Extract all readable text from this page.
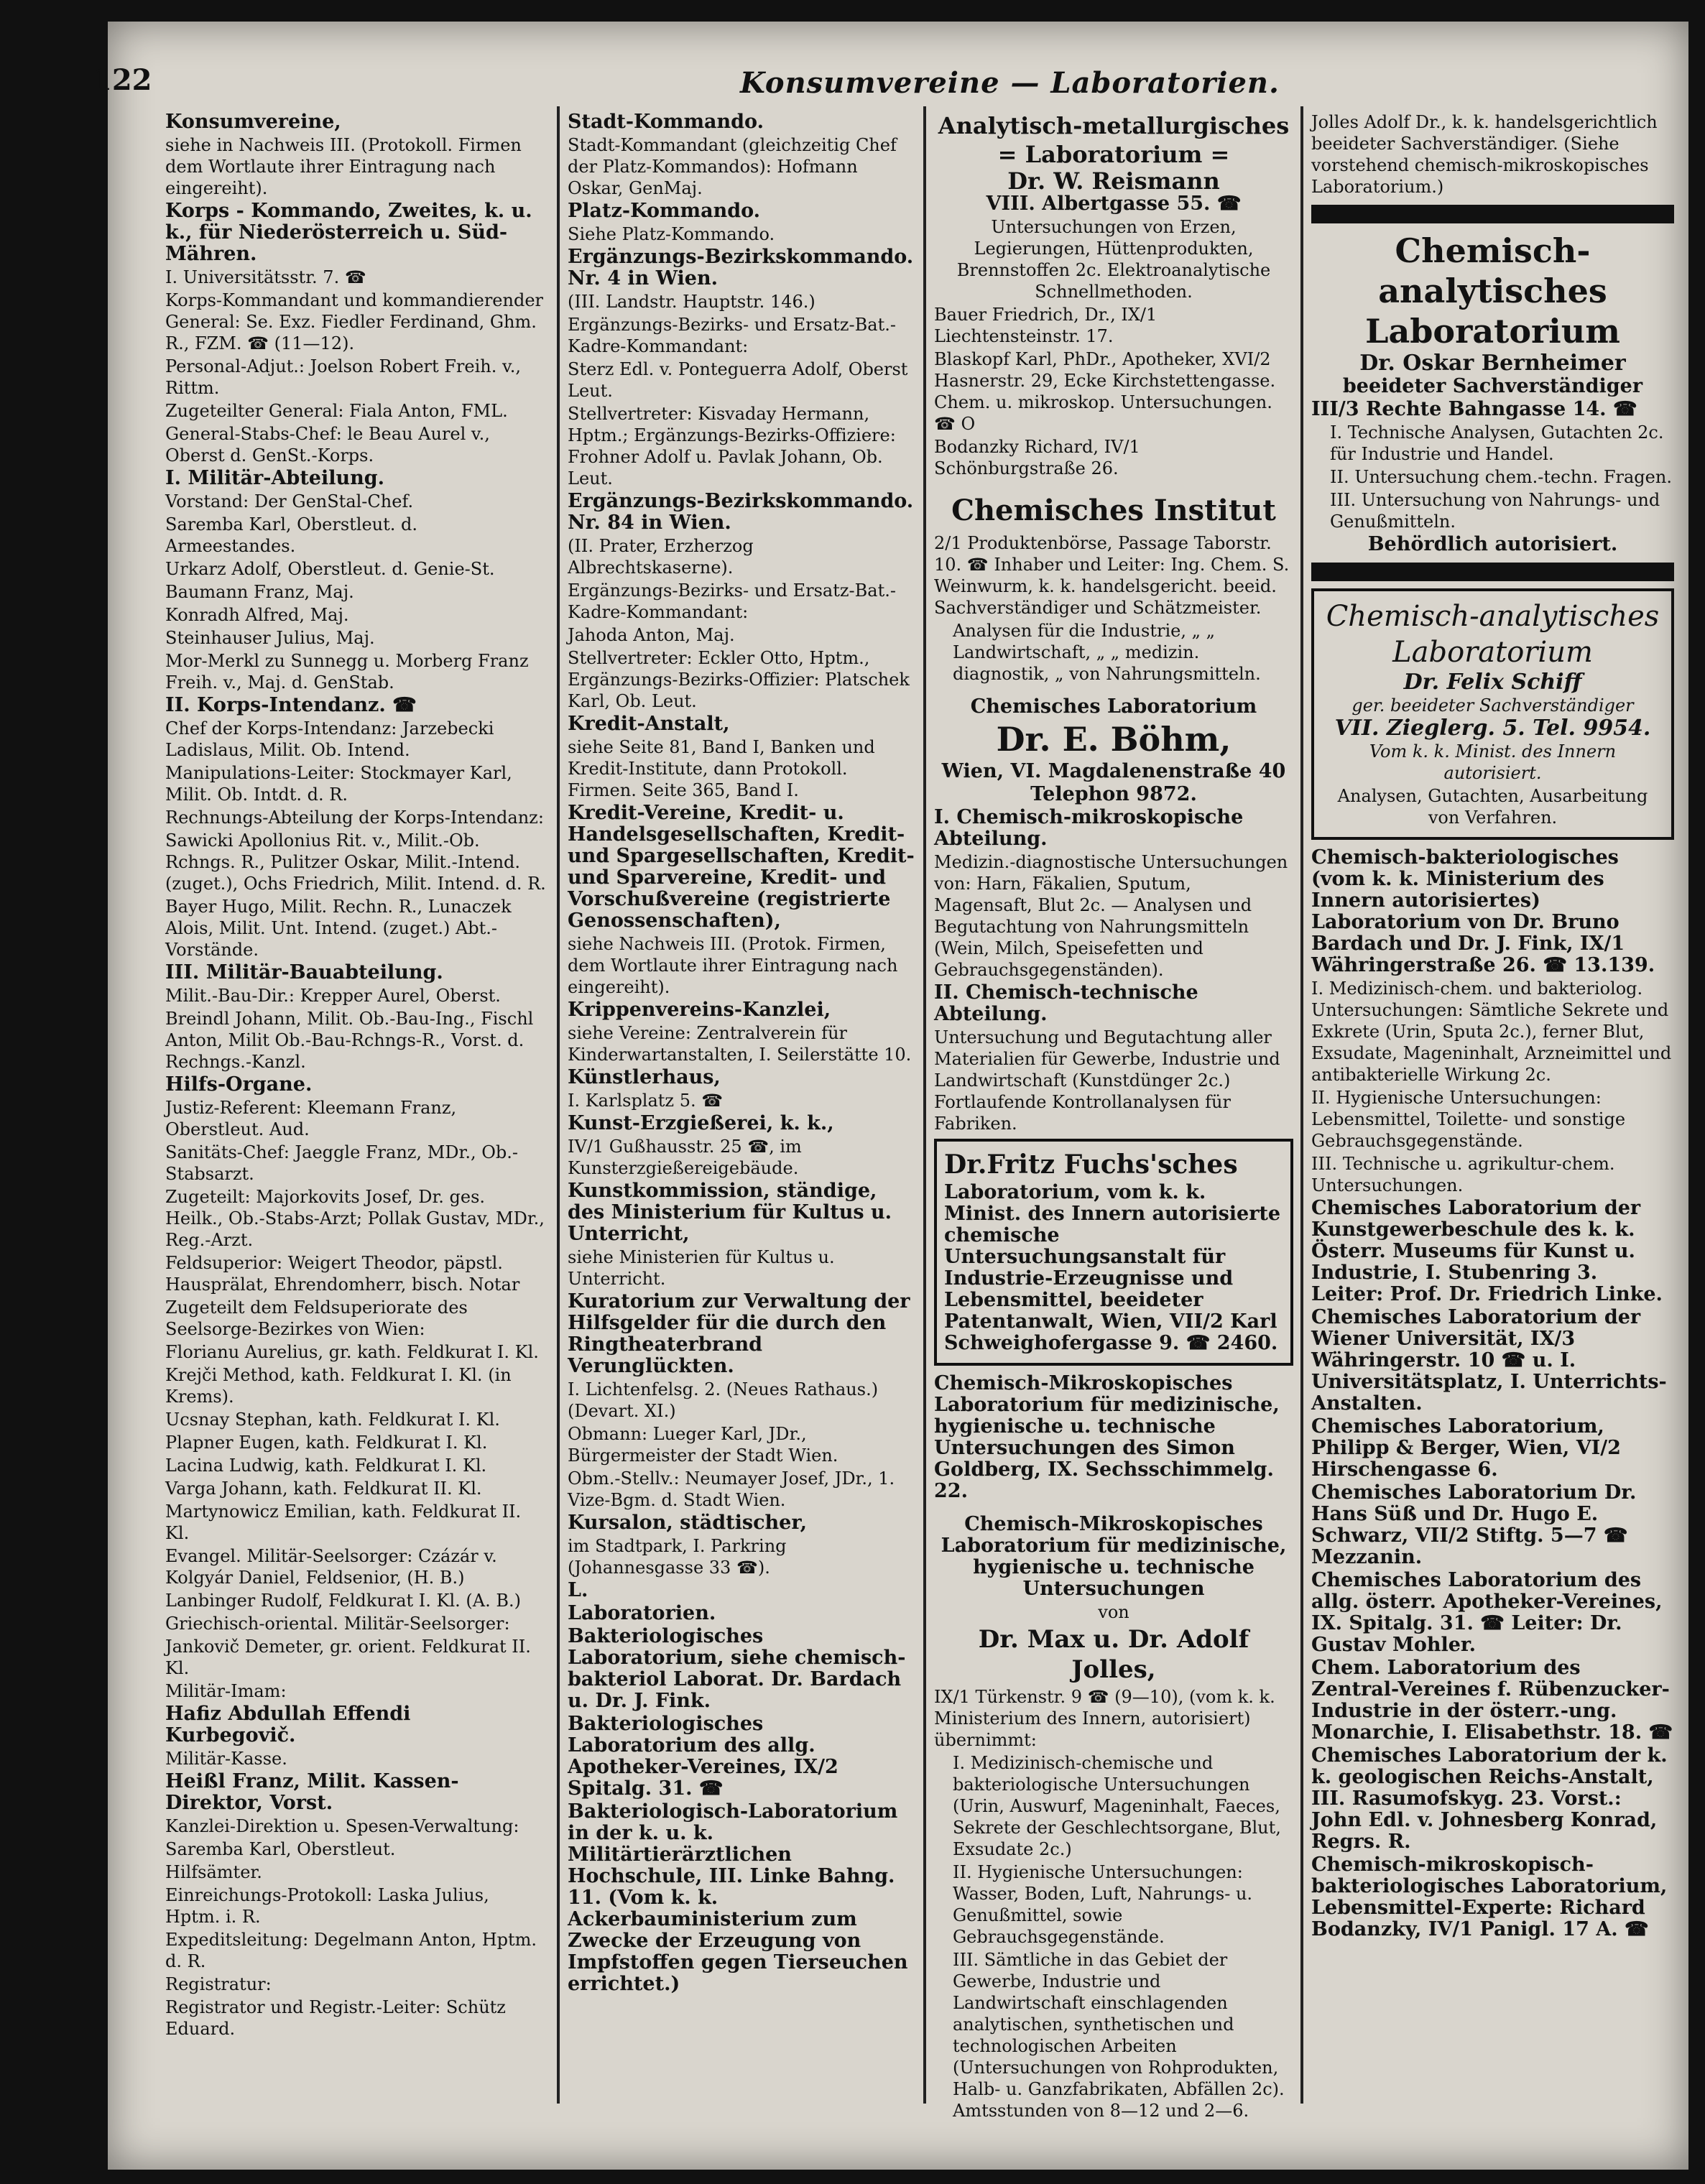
122	Konsumvereine — Laboratorien.

Konsumvereine,

siehe in Nachweis III. (Protokoll. Firmen dem Wortlaute ihrer Eintragung nach eingereiht).

Korps - Kommando, Zweites, k. u. k., für Niederösterreich u. Süd-Mähren.

I. Universitätsstr. 7. ☎

Korps-Kommandant und kommandierender General: Se. Exz. Fiedler Ferdinand, Ghm. R., FZM. ☎ (11—12).

Personal-Adjut.: Joelson Robert Freih. v., Rittm.

Zugeteilter General: Fiala Anton, FML.

General-Stabs-Chef: le Beau Aurel v., Oberst d. GenSt.-Korps.

I. Militär-Abteilung.

Vorstand: Der GenStal-Chef.

Saremba Karl, Oberstleut. d. Armeestandes.

Urkarz Adolf, Oberstleut. d. Genie-St.

Baumann Franz, Maj.

Konradh Alfred, Maj.

Steinhauser Julius, Maj.

Mor-Merkl zu Sunnegg u. Morberg Franz Freih. v., Maj. d. GenStab.

II. Korps-Intendanz. ☎

Chef der Korps-Intendanz: Jarzebecki Ladislaus, Milit. Ob. Intend.

Manipulations-Leiter: Stockmayer Karl, Milit. Ob. Intdt. d. R.

Rechnungs-Abteilung der Korps-Intendanz:

Sawicki Apollonius Rit. v., Milit.-Ob. Rchngs. R., Pulitzer Oskar, Milit.-Intend. (zuget.), Ochs Friedrich, Milit. Intend. d. R.

Bayer Hugo, Milit. Rechn. R., Lunaczek Alois, Milit. Unt. Intend. (zuget.) Abt.-Vorstände.

III. Militär-Bauabteilung.

Milit.-Bau-Dir.: Krepper Aurel, Oberst.

Breindl Johann, Milit. Ob.-Bau-Ing., Fischl Anton, Milit Ob.-Bau-Rchngs-R., Vorst. d. Rechngs.-Kanzl.

Hilfs-Organe.

Justiz-Referent: Kleemann Franz, Oberstleut. Aud.

Sanitäts-Chef: Jaeggle Franz, MDr., Ob.-Stabsarzt.

Zugeteilt: Majorkovits Josef, Dr. ges. Heilk., Ob.-Stabs-Arzt; Pollak Gustav, MDr., Reg.-Arzt.

Feldsuperior: Weigert Theodor, päpstl. Hausprälat, Ehrendomherr, bisch. Notar

Zugeteilt dem Feldsuperiorate des Seelsorge-Bezirkes von Wien:

Florianu Aurelius, gr. kath. Feldkurat I. Kl.

Krejči Method, kath. Feldkurat I. Kl. (in Krems).

Ucsnay Stephan, kath. Feldkurat I. Kl.

Plapner Eugen, kath. Feldkurat I. Kl.

Lacina Ludwig, kath. Feldkurat I. Kl.

Varga Johann, kath. Feldkurat II. Kl.

Martynowicz Emilian, kath. Feldkurat II. Kl.

Evangel. Militär-Seelsorger: Czázár v. Kolgyár Daniel, Feldsenior, (H. B.)

Lanbinger Rudolf, Feldkurat I. Kl. (A. B.)

Griechisch-oriental. Militär-Seelsorger:

Jankovič Demeter, gr. orient. Feldkurat II. Kl.

Militär-Imam:

Hafiz Abdullah Effendi Kurbegovič.

Militär-Kasse.

Heißl Franz, Milit. Kassen-Direktor, Vorst.

Kanzlei-Direktion u. Spesen-Verwaltung:

Saremba Karl, Oberstleut.

Hilfsämter.

Einreichungs-Protokoll: Laska Julius, Hptm. i. R.

Expeditsleitung: Degelmann Anton, Hptm. d. R.

Registratur:

Registrator und Registr.-Leiter: Schütz Eduard.

Stadt-Kommando.

Stadt-Kommandant (gleichzeitig Chef der Platz-Kommandos): Hofmann Oskar, GenMaj.

Platz-Kommando.

Siehe Platz-Kommando.

Ergänzungs-Bezirkskommando. Nr. 4 in Wien.

(III. Landstr. Hauptstr. 146.)

Ergänzungs-Bezirks- und Ersatz-Bat.-Kadre-Kommandant:

Sterz Edl. v. Ponteguerra Adolf, Oberst Leut.

Stellvertreter: Kisvaday Hermann, Hptm.; Ergänzungs-Bezirks-Offiziere: Frohner Adolf u. Pavlak Johann, Ob. Leut.

Ergänzungs-Bezirkskommando. Nr. 84 in Wien.

(II. Prater, Erzherzog Albrechtskaserne).

Ergänzungs-Bezirks- und Ersatz-Bat.-Kadre-Kommandant:

Jahoda Anton, Maj.

Stellvertreter: Eckler Otto, Hptm., Ergänzungs-Bezirks-Offizier: Platschek Karl, Ob. Leut.

Kredit-Anstalt,

siehe Seite 81, Band I, Banken und Kredit-Institute, dann Protokoll. Firmen. Seite 365, Band I.

Kredit-Vereine, Kredit- u. Handelsgesellschaften, Kredit- und Spargesellschaften, Kredit- und Sparvereine, Kredit- und Vorschußvereine (registrierte Genossenschaften),

siehe Nachweis III. (Protok. Firmen, dem Wortlaute ihrer Eintragung nach eingereiht).

Krippenvereins-Kanzlei,

siehe Vereine: Zentralverein für Kinderwartanstalten, I. Seilerstätte 10.

Künstlerhaus,

I. Karlsplatz 5. ☎

Kunst-Erzgießerei, k. k.,

IV/1 Gußhausstr. 25 ☎, im Kunsterzgießereigebäude.

Kunstkommission, ständige, des Ministerium für Kultus u. Unterricht,

siehe Ministerien für Kultus u. Unterricht.

Kuratorium zur Verwaltung der Hilfsgelder für die durch den Ringtheaterbrand Verunglückten.

I. Lichtenfelsg. 2. (Neues Rathaus.) (Devart. XI.)

Obmann: Lueger Karl, JDr., Bürgermeister der Stadt Wien.

Obm.-Stellv.: Neumayer Josef, JDr., 1. Vize-Bgm. d. Stadt Wien.

Kursalon, städtischer,

im Stadtpark, I. Parkring (Johannesgasse 33 ☎).

L.

Laboratorien.

Bakteriologisches Laboratorium, siehe chemisch-bakteriol Laborat. Dr. Bardach u. Dr. J. Fink.

Bakteriologisches Laboratorium des allg. Apotheker-Vereines, IX/2 Spitalg. 31. ☎

Bakteriologisch-Laboratorium in der k. u. k. Militärtierärztlichen Hochschule, III. Linke Bahng. 11. (Vom k. k. Ackerbauministerium zum Zwecke der Erzeugung von Impfstoffen gegen Tierseuchen errichtet.)

Analytisch-metallurgisches = Laboratorium =

Dr. W. Reismann

VIII. Albertgasse 55. ☎

Untersuchungen von Erzen, Legierungen, Hüttenprodukten, Brennstoffen 2c. Elektroanalytische Schnellmethoden.

Bauer Friedrich, Dr., IX/1 Liechtensteinstr. 17.

Blaskopf Karl, PhDr., Apotheker, XVI/2 Hasnerstr. 29, Ecke Kirchstettengasse. Chem. u. mikroskop. Untersuchungen. ☎ O

Bodanzky Richard, IV/1 Schönburgstraße 26.

Chemisches Institut

2/1 Produktenbörse, Passage Taborstr. 10. ☎ Inhaber und Leiter: Ing. Chem. S. Weinwurm, k. k. handelsgericht. beeid. Sachverständiger und Schätzmeister.

Analysen für die Industrie, „ „ Landwirtschaft, „ „ medizin. diagnostik, „ von Nahrungsmitteln.

Chemisches Laboratorium

Dr. E. Böhm,

Wien, VI. Magdalenenstraße 40

Telephon 9872.

I. Chemisch-mikroskopische Abteilung.

Medizin.-diagnostische Untersuchungen von: Harn, Fäkalien, Sputum, Magensaft, Blut 2c. — Analysen und Begutachtung von Nahrungsmitteln (Wein, Milch, Speisefetten und Gebrauchsgegenständen).

II. Chemisch-technische Abteilung.

Untersuchung und Begutachtung aller Materialien für Gewerbe, Industrie und Landwirtschaft (Kunstdünger 2c.) Fortlaufende Kontrollanalysen für Fabriken.

Dr.Fritz Fuchs'sches

Laboratorium, vom k. k. Minist. des Innern autorisierte chemische Untersuchungsanstalt für Industrie-Erzeugnisse und Lebensmittel, beeideter Patentanwalt, Wien, VII/2 Karl Schweighofergasse 9. ☎ 2460.

Chemisch-Mikroskopisches Laboratorium für medizinische, hygienische u. technische Untersuchungen des Simon Goldberg, IX. Sechsschimmelg. 22.

Chemisch-Mikroskopisches Laboratorium für medizinische, hygienische u. technische Untersuchungen

von

Dr. Max u. Dr. Adolf Jolles,

IX/1 Türkenstr. 9 ☎ (9—10), (vom k. k. Ministerium des Innern, autorisiert) übernimmt:

I. Medizinisch-chemische und bakteriologische Untersuchungen (Urin, Auswurf, Mageninhalt, Faeces, Sekrete der Geschlechtsorgane, Blut, Exsudate 2c.)

II. Hygienische Untersuchungen: Wasser, Boden, Luft, Nahrungs- u. Genußmittel, sowie Gebrauchsgegenstände.

III. Sämtliche in das Gebiet der Gewerbe, Industrie und Landwirtschaft einschlagenden analytischen, synthetischen und technologischen Arbeiten (Untersuchungen von Rohprodukten, Halb- u. Ganzfabrikaten, Abfällen 2c). Amtsstunden von 8—12 und 2—6.

Jolles Adolf Dr., k. k. handelsgerichtlich beeideter Sachverständiger. (Siehe vorstehend chemisch-mikroskopisches Laboratorium.)

Chemisch-analytisches Laboratorium

Dr. Oskar Bernheimer

beeideter Sachverständiger

III/3 Rechte Bahngasse 14. ☎

I. Technische Analysen, Gutachten 2c. für Industrie und Handel.

II. Untersuchung chem.-techn. Fragen.

III. Untersuchung von Nahrungs- und Genußmitteln.

Behördlich autorisiert.

Chemisch-analytisches Laboratorium

Dr. Felix Schiff

ger. beeideter Sachverständiger

VII. Zieglerg. 5. Tel. 9954.

Vom k. k. Minist. des Innern autorisiert.

Analysen, Gutachten, Ausarbeitung von Verfahren.

Chemisch-bakteriologisches (vom k. k. Ministerium des Innern autorisiertes) Laboratorium von Dr. Bruno Bardach und Dr. J. Fink, IX/1 Währingerstraße 26. ☎ 13.139.

I. Medizinisch-chem. und bakteriolog. Untersuchungen: Sämtliche Sekrete und Exkrete (Urin, Sputa 2c.), ferner Blut, Exsudate, Mageninhalt, Arzneimittel und antibakterielle Wirkung 2c.

II. Hygienische Untersuchungen: Lebensmittel, Toilette- und sonstige Gebrauchsgegenstände.

III. Technische u. agrikultur-chem. Untersuchungen.

Chemisches Laboratorium der Kunstgewerbeschule des k. k. Österr. Museums für Kunst u. Industrie, I. Stubenring 3. Leiter: Prof. Dr. Friedrich Linke.

Chemisches Laboratorium der Wiener Universität, IX/3 Währingerstr. 10 ☎ u. I. Universitätsplatz, I. Unterrichts-Anstalten.

Chemisches Laboratorium, Philipp & Berger, Wien, VI/2 Hirschengasse 6.

Chemisches Laboratorium Dr. Hans Süß und Dr. Hugo E. Schwarz, VII/2 Stiftg. 5—7 ☎ Mezzanin.

Chemisches Laboratorium des allg. österr. Apotheker-Vereines, IX. Spitalg. 31. ☎ Leiter: Dr. Gustav Mohler.

Chem. Laboratorium des Zentral-Vereines f. Rübenzucker-Industrie in der österr.-ung. Monarchie, I. Elisabethstr. 18. ☎

Chemisches Laboratorium der k. k. geologischen Reichs-Anstalt, III. Rasumofskyg. 23. Vorst.: John Edl. v. Johnesberg Konrad, Regrs. R.

Chemisch-mikroskopisch-bakteriologisches Laboratorium, Lebensmittel-Experte: Richard Bodanzky, IV/1 Panigl. 17 A. ☎
